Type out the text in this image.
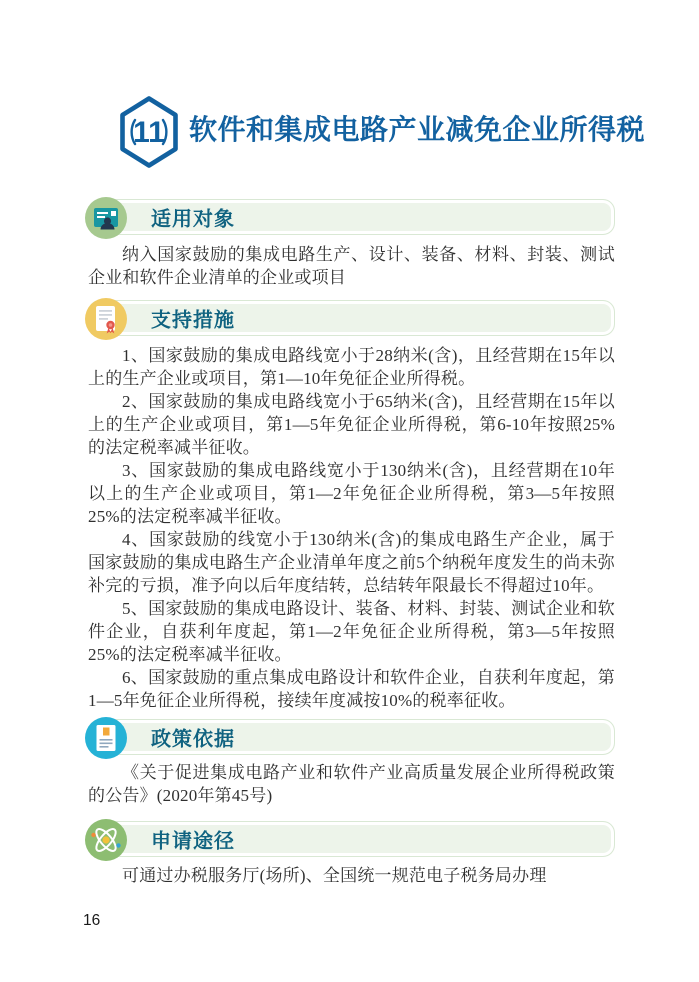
11 软件和集成电路产业减免企业所得税
适用对象

纳入国家鼓励的集成电路生产、设计、装备、材料、封装、测试企业和软件企业清单的企业或项目

支持措施

1、国家鼓励的集成电路线宽小于28纳米(含)，且经营期在15年以上的生产企业或项目，第1—10年免征企业所得税。

2、国家鼓励的集成电路线宽小于65纳米(含)，且经营期在15年以上的生产企业或项目，第1—5年免征企业所得税，第6-10年按照25%的法定税率减半征收。

3、国家鼓励的集成电路线宽小于130纳米(含)，且经营期在10年以上的生产企业或项目，第1—2年免征企业所得税，第3—5年按照25%的法定税率减半征收。

4、国家鼓励的线宽小于130纳米(含)的集成电路生产企业，属于国家鼓励的集成电路生产企业清单年度之前5个纳税年度发生的尚未弥补完的亏损，准予向以后年度结转，总结转年限最长不得超过10年。

5、国家鼓励的集成电路设计、装备、材料、封装、测试企业和软件企业，自获利年度起，第1—2年免征企业所得税，第3—5年按照25%的法定税率减半征收。

6、国家鼓励的重点集成电路设计和软件企业，自获利年度起，第1—5年免征企业所得税，接续年度减按10%的税率征收。

政策依据

《关于促进集成电路产业和软件产业高质量发展企业所得税政策的公告》(2020年第45号)

申请途径

可通过办税服务厅(场所)、全国统一规范电子税务局办理

16
